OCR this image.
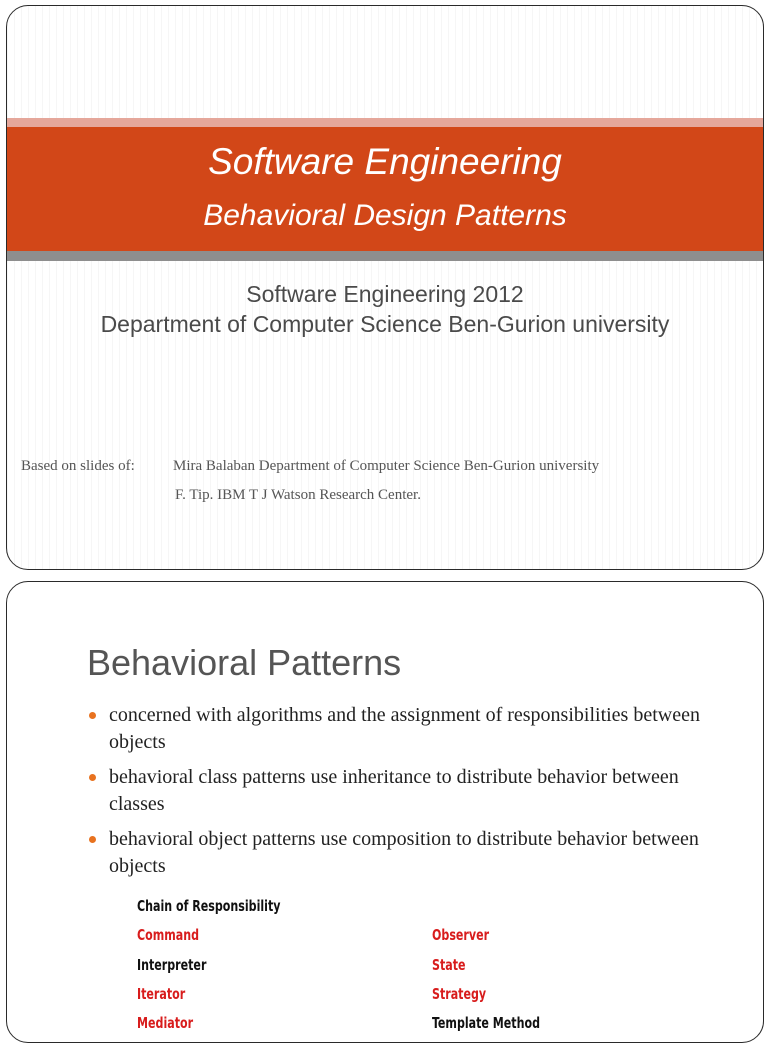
Software Engineering
Behavioral Design Patterns
Software Engineering 2012
Department of Computer Science Ben-Gurion university
Based on slides of:	Mira Balaban Department of Computer Science Ben-Gurion university
F. Tip. IBM T J Watson Research Center.
Behavioral Patterns
concerned with algorithms and the assignment of responsibilities between objects
behavioral class patterns use inheritance to distribute behavior between classes
behavioral object patterns use composition to distribute behavior between objects
Chain of Responsibility
Command
Interpreter
Iterator
Mediator
Observer
State
Strategy
Template Method
